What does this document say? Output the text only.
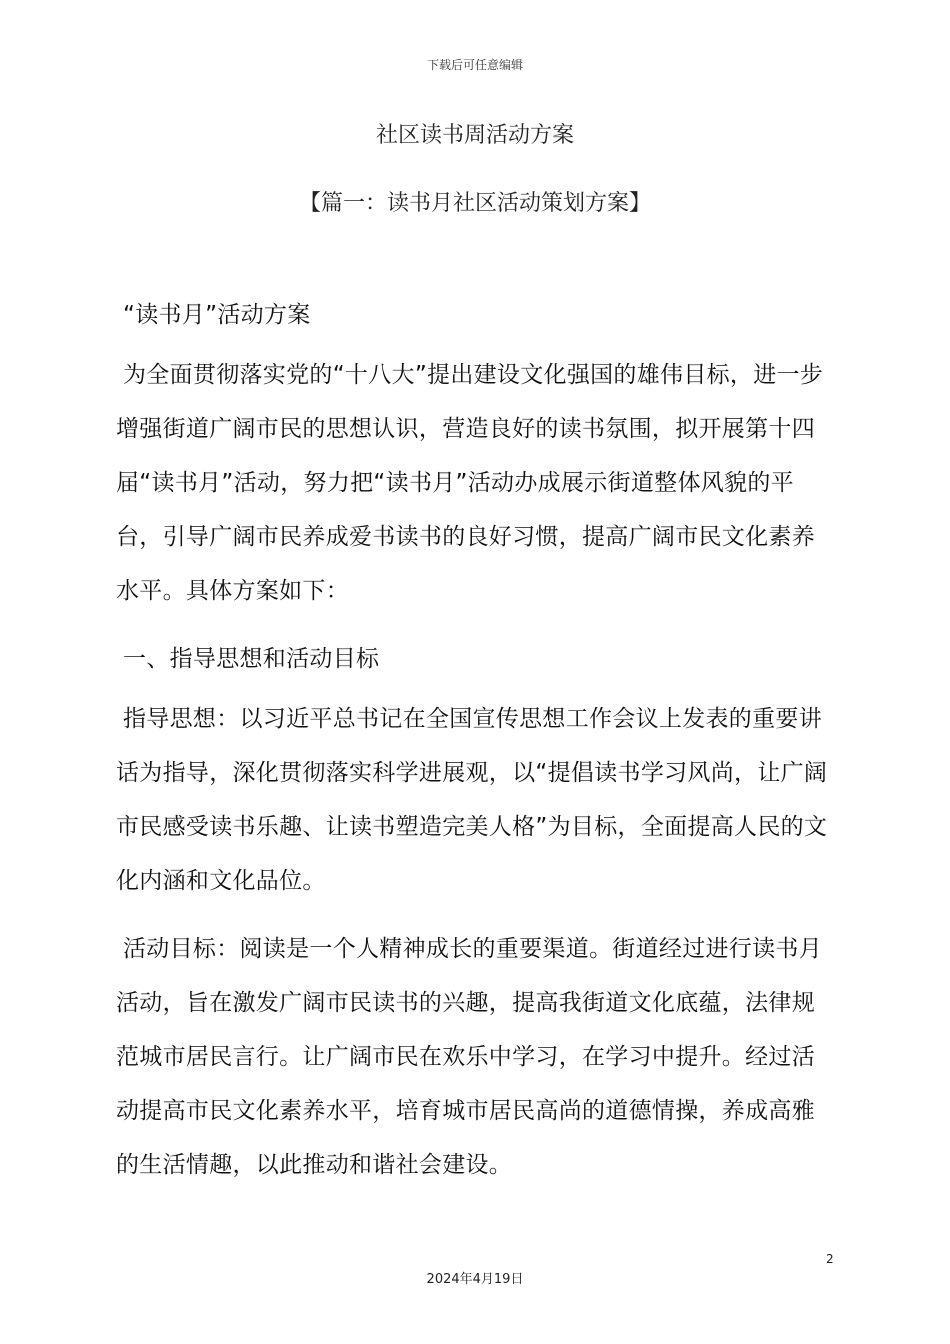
下载后可任意编辑
社区读书周活动方案
【篇一：读书月社区活动策划方案】

“读书月”活动方案

为全面贯彻落实党的“十八大”提出建设文化强国的雄伟目标，进一步增强街道广阔市民的思想认识，营造良好的读书氛围，拟开展第十四届“读书月”活动，努力把“读书月”活动办成展示街道整体风貌的平台，引导广阔市民养成爱书读书的良好习惯，提高广阔市民文化素养水平。具体方案如下：

一、指导思想和活动目标

指导思想：以习近平总书记在全国宣传思想工作会议上发表的重要讲话为指导，深化贯彻落实科学进展观，以“提倡读书学习风尚，让广阔市民感受读书乐趣、让读书塑造完美人格”为目标，全面提高人民的文化内涵和文化品位。

活动目标：阅读是一个人精神成长的重要渠道。街道经过进行读书月活动，旨在激发广阔市民读书的兴趣，提高我街道文化底蕴，法律规范城市居民言行。让广阔市民在欢乐中学习，在学习中提升。经过活动提高市民文化素养水平，培育城市居民高尚的道德情操，养成高雅的生活情趣，以此推动和谐社会建设。

2
2024年4月19日
